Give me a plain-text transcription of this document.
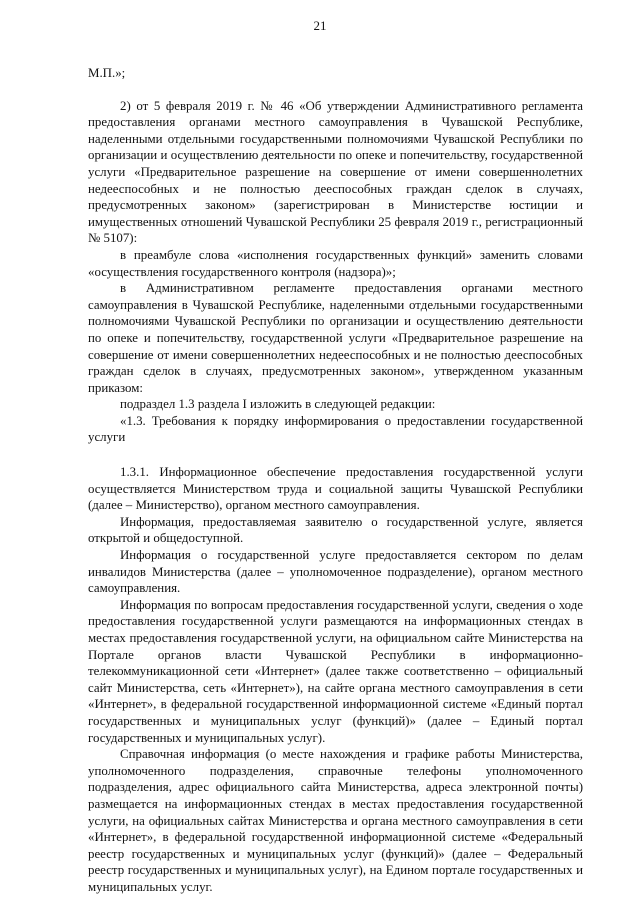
21

М.П.»;

2) от 5 февраля 2019 г. № 46 «Об утверждении Административного регламента предоставления органами местного самоуправления в Чувашской Республике, наделенными отдельными государственными полномочиями Чувашской Республики по организации и осуществлению деятельности по опеке и попечительству, государственной услуги «Предварительное разрешение на совершение от имени совершеннолетних недееспособных и не полностью дееспособных граждан сделок в случаях, предусмотренных законом» (зарегистрирован в Министерстве юстиции и имущественных отношений Чувашской Республики 25 февраля 2019 г., регистрационный № 5107):

в преамбуле слова «исполнения государственных функций» заменить словами «осуществления государственного контроля (надзора)»;

в Административном регламенте предоставления органами местного самоуправления в Чувашской Республике, наделенными отдельными государственными полномочиями Чувашской Республики по организации и осуществлению деятельности по опеке и попечительству, государственной услуги «Предварительное разрешение на совершение от имени совершеннолетних недееспособных и не полностью дееспособных граждан сделок в случаях, предусмотренных законом», утвержденном указанным приказом:

подраздел 1.3 раздела I изложить в следующей редакции:

«1.3. Требования к порядку информирования о предоставлении государственной услуги

1.3.1. Информационное обеспечение предоставления государственной услуги осуществляется Министерством труда и социальной защиты Чувашской Республики (далее – Министерство), органом местного самоуправления.

Информация, предоставляемая заявителю о государственной услуге, является открытой и общедоступной.

Информация о государственной услуге предоставляется сектором по делам инвалидов Министерства (далее – уполномоченное подразделение), органом местного самоуправления.

Информация по вопросам предоставления государственной услуги, сведения о ходе предоставления государственной услуги размещаются на информационных стендах в местах предоставления государственной услуги, на официальном сайте Министерства на Портале органов власти Чувашской Республики в информационно-телекоммуникационной сети «Интернет» (далее также соответственно – официальный сайт Министерства, сеть «Интернет»), на сайте органа местного самоуправления в сети «Интернет», в федеральной государственной информационной системе «Единый портал государственных и муниципальных услуг (функций)» (далее – Единый портал государственных и муниципальных услуг).

Справочная информация (о месте нахождения и графике работы Министерства, уполномоченного подразделения, справочные телефоны уполномоченного подразделения, адрес официального сайта Министерства, адреса электронной почты) размещается на информационных стендах в местах предоставления государственной услуги, на официальных сайтах Министерства и органа местного самоуправления в сети «Интернет», в федеральной государственной информационной системе «Федеральный реестр государственных и муниципальных услуг (функций)» (далее – Федеральный реестр государственных и муниципальных услуг), на Едином портале государственных и муниципальных услуг.
